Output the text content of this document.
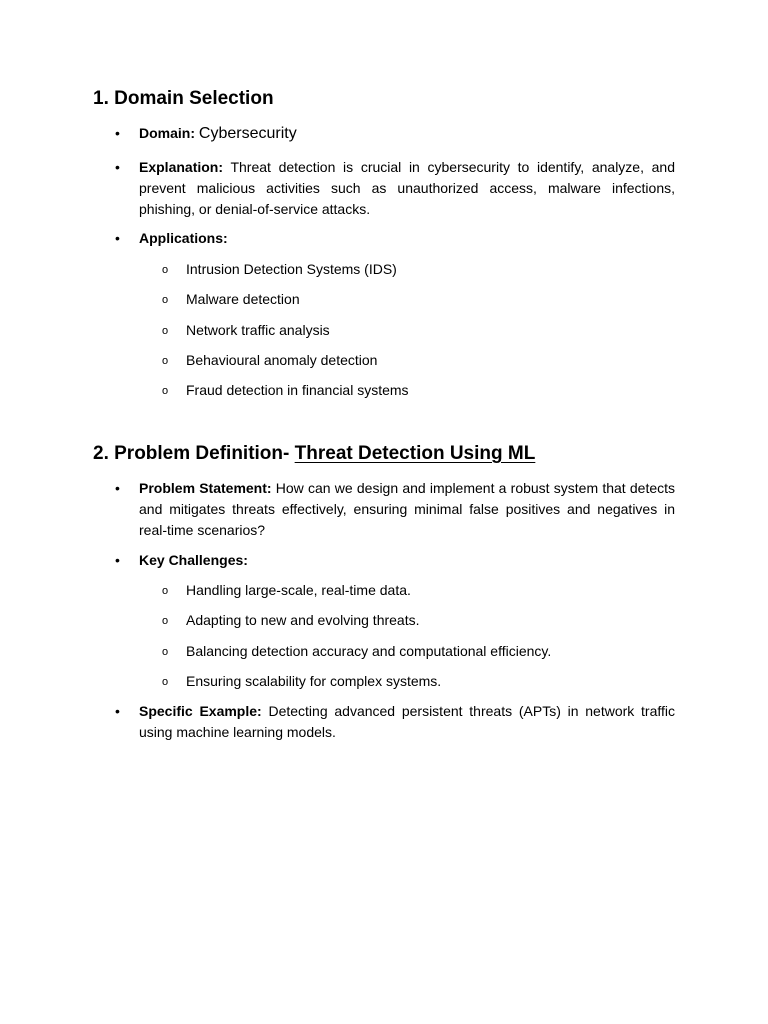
1. Domain Selection
• Domain: Cybersecurity
• Explanation: Threat detection is crucial in cybersecurity to identify, analyze, and prevent malicious activities such as unauthorized access, malware infections, phishing, or denial-of-service attacks.
• Applications:
o Intrusion Detection Systems (IDS)
o Malware detection
o Network traffic analysis
o Behavioural anomaly detection
o Fraud detection in financial systems
2. Problem Definition- Threat Detection Using ML
• Problem Statement: How can we design and implement a robust system that detects and mitigates threats effectively, ensuring minimal false positives and negatives in real-time scenarios?
• Key Challenges:
o Handling large-scale, real-time data.
o Adapting to new and evolving threats.
o Balancing detection accuracy and computational efficiency.
o Ensuring scalability for complex systems.
• Specific Example: Detecting advanced persistent threats (APTs) in network traffic using machine learning models.
